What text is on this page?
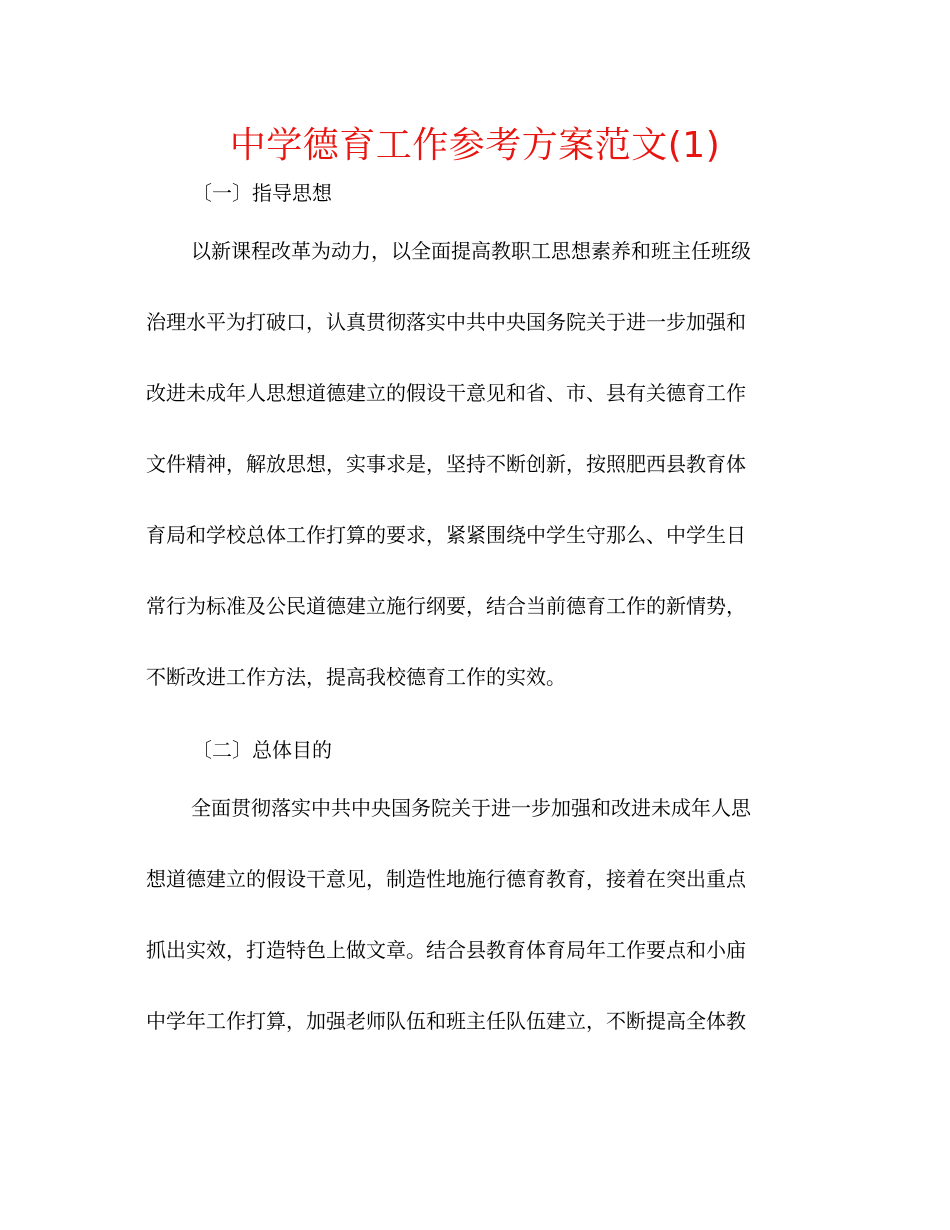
中学德育工作参考方案范文(1)
〔一〕指导思想
以新课程改革为动力，以全面提高教职工思想素养和班主任班级
治理水平为打破口，认真贯彻落实中共中央国务院关于进一步加强和
改进未成年人思想道德建立的假设干意见和省、市、县有关德育工作
文件精神，解放思想，实事求是，坚持不断创新，按照肥西县教育体
育局和学校总体工作打算的要求，紧紧围绕中学生守那么、中学生日
常行为标准及公民道德建立施行纲要，结合当前德育工作的新情势，
不断改进工作方法，提高我校德育工作的实效。
〔二〕总体目的
全面贯彻落实中共中央国务院关于进一步加强和改进未成年人思
想道德建立的假设干意见，制造性地施行德育教育，接着在突出重点
抓出实效，打造特色上做文章。结合县教育体育局年工作要点和小庙
中学年工作打算，加强老师队伍和班主任队伍建立，不断提高全体教
